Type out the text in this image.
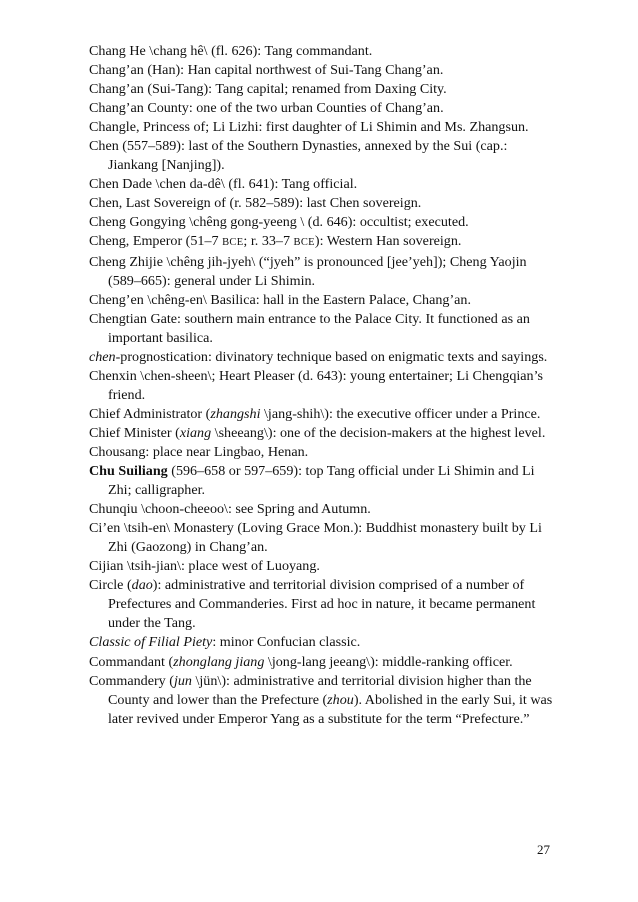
Chang He \chang hê\ (fl. 626): Tang commandant.

Chang’an (Han): Han capital northwest of Sui-Tang Chang’an.

Chang’an (Sui-Tang): Tang capital; renamed from Daxing City.

Chang’an County: one of the two urban Counties of Chang’an.

Changle, Princess of; Li Lizhi: first daughter of Li Shimin and Ms. Zhangsun.

Chen (557–589): last of the Southern Dynasties, annexed by the Sui (cap.: Jiankang [Nanjing]).

Chen Dade \chen da-dê\ (fl. 641): Tang official.

Chen, Last Sovereign of (r. 582–589): last Chen sovereign.

Cheng Gongying \chêng gong-yeeng \ (d. 646): occultist; executed.

Cheng, Emperor (51–7 BCE; r. 33–7 BCE): Western Han sovereign.

Cheng Zhijie \chêng jih-jyeh\ (“jyeh” is pronounced [jee’yeh]); Cheng Yaojin (589–665): general under Li Shimin.

Cheng’en \chêng-en\ Basilica: hall in the Eastern Palace, Chang’an.

Chengtian Gate: southern main entrance to the Palace City. It functioned as an important basilica.

chen-prognostication: divinatory technique based on enigmatic texts and sayings.

Chenxin \chen-sheen\; Heart Pleaser (d. 643): young entertainer; Li Chengqian’s friend.

Chief Administrator (zhangshi \jang-shih\): the executive officer under a Prince.

Chief Minister (xiang \sheeang\): one of the decision-makers at the highest level.

Chousang: place near Lingbao, Henan.

Chu Suiliang (596–658 or 597–659): top Tang official under Li Shimin and Li Zhi; calligrapher.

Chunqiu \choon-cheeoo\: see Spring and Autumn.

Ci’en \tsih-en\ Monastery (Loving Grace Mon.): Buddhist monastery built by Li Zhi (Gaozong) in Chang’an.

Cijian \tsih-jian\: place west of Luoyang.

Circle (dao): administrative and territorial division comprised of a number of Prefectures and Commanderies. First ad hoc in nature, it became permanent under the Tang.

Classic of Filial Piety: minor Confucian classic.

Commandant (zhonglang jiang \jong-lang jeeang\): middle-ranking officer.

Commandery (jun \jün\): administrative and territorial division higher than the County and lower than the Prefecture (zhou). Abolished in the early Sui, it was later revived under Emperor Yang as a substitute for the term “Prefecture.”

27
